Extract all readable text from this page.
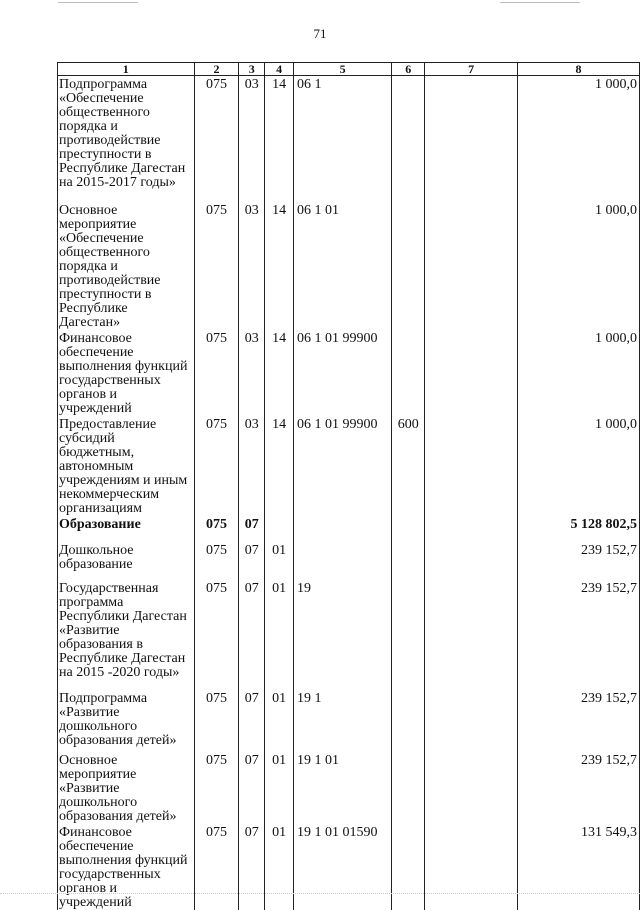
71
1	2	3	4	5	6	7	8
Подпрограмма «Обеспечение общественного порядка и противодействие преступности в Республике Дагестан на 2015-2017 годы»	075	03	14	06 1			1 000,0
Основное мероприятие «Обеспечение общественного порядка и противодействие преступности в Республике Дагестан»	075	03	14	06 1 01			1 000,0
Финансовое обеспечение выполнения функций государственных органов и учреждений	075	03	14	06 1 01 99900			1 000,0
Предоставление субсидий бюджетным, автономным учреждениям и иным некоммерческим организациям	075	03	14	06 1 01 99900	600		1 000,0
Образование	075	07					5 128 802,5
Дошкольное образование	075	07	01				239 152,7
Государственная программа Республики Дагестан «Развитие образования в Республике Дагестан на 2015 -2020 годы»	075	07	01	19			239 152,7
Подпрограмма «Развитие дошкольного образования детей»	075	07	01	19 1			239 152,7
Основное мероприятие «Развитие дошкольного образования детей»	075	07	01	19 1 01			239 152,7
Финансовое обеспечение выполнения функций государственных органов и учреждений	075	07	01	19 1 01 01590			131 549,3
